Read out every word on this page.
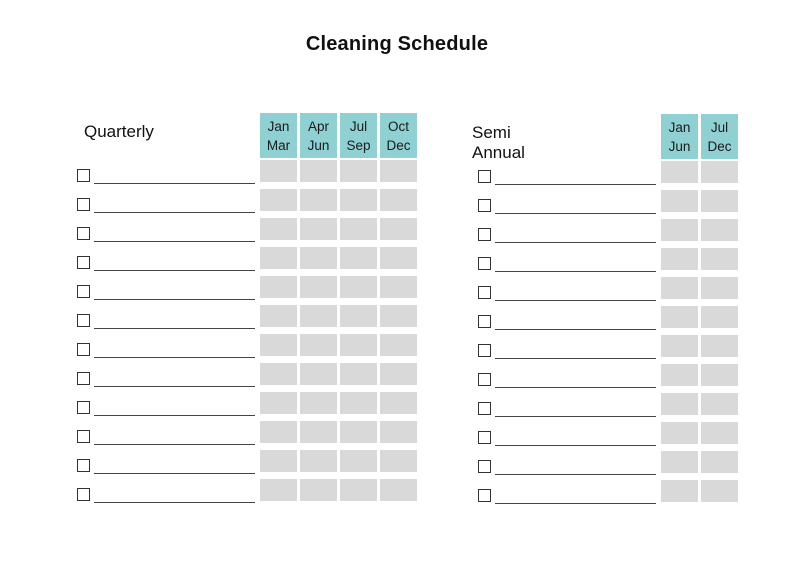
Cleaning Schedule
Quarterly	Jan
Mar
Apr
Jun
Jul
Sep
Oct
Dec
Semi Annual
Jan
Jun
Jul
Dec
